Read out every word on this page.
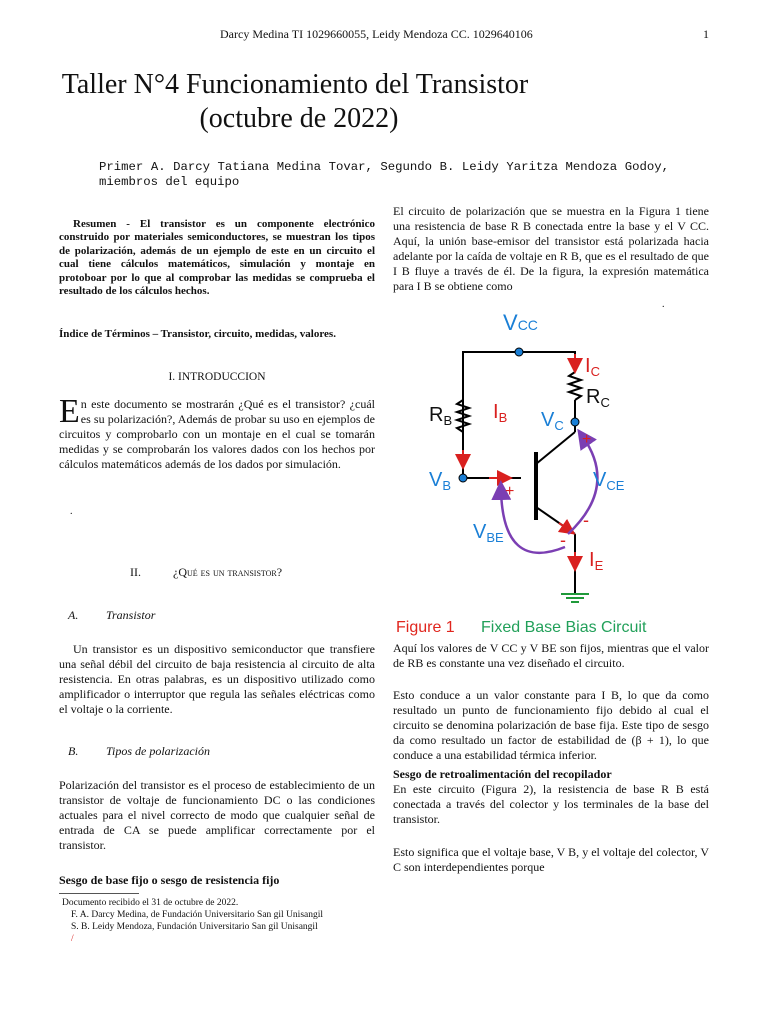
Darcy Medina TI 1029660055, Leidy Mendoza CC. 1029640106	1
Taller N°4 Funcionamiento del Transistor
(octubre de 2022)
Primer A. Darcy Tatiana Medina Tovar, Segundo B. Leidy Yaritza Mendoza Godoy, miembros del equipo
Resumen - El transistor es un componente electrónico construido por materiales semiconductores, se muestran los tipos de polarización, además de un ejemplo de este en un circuito el cual tiene cálculos matemáticos, simulación y montaje en protoboar por lo que al comprobar las medidas se comprueba el resultado de los cálculos hechos.
Índice de Términos – Transistor, circuito, medidas, valores.
I. INTRODUCCION
En este documento se mostrarán ¿Qué es el transistor? ¿cuál es su polarización?, Además de probar su uso en ejemplos de circuitos y comprobarlo con un montaje en el cual se tomarán medidas y se comprobarán los valores dados con los hechos por cálculos matemáticos además de los dados por simulación.
.
II.	¿Qué es un transistor?
A. Transistor
Un transistor es un dispositivo semiconductor que transfiere una señal débil del circuito de baja resistencia al circuito de alta resistencia. En otras palabras, es un dispositivo utilizado como amplificador o interruptor que regula las señales eléctricas como el voltaje o la corriente.
B. Tipos de polarización
Polarización del transistor es el proceso de establecimiento de un transistor de voltaje de funcionamiento DC o las condiciones actuales para el nivel correcto de modo que cualquier señal de entrada de CA se puede amplificar correctamente por el transistor.
Sesgo de base fijo o sesgo de resistencia fijo
Documento recibido el 31 de octubre de 2022.
F. A. Darcy Medina, de Fundación Universitario San gil Unisangil
S. B. Leidy Mendoza, Fundación Universitario San gil Unisangil
/
El circuito de polarización que se muestra en la Figura 1 tiene una resistencia de base R B conectada entre la base y el V CC. Aquí, la unión base-emisor del transistor está polarizada hacia adelante por la caída de voltaje en R B, que es el resultado de que I B fluye a través de él. De la figura, la expresión matemática para I B se obtiene como
.
VCC
$R_B$
$R_C$
$I_C$
$I_B$ $V_C$
$V_B$	$V_{CE}$
$V_{BE}$
$I_E$
+
+
-
-
Figure 1 Fixed Base Bias Circuit
Aquí los valores de V CC y V BE son fijos, mientras que el valor de RB es constante una vez diseñado el circuito.
Esto conduce a un valor constante para I B, lo que da como resultado un punto de funcionamiento fijo debido al cual el circuito se denomina polarización de base fija. Este tipo de sesgo da como resultado un factor de estabilidad de (β + 1), lo que conduce a una estabilidad térmica inferior.
Sesgo de retroalimentación del recopilador
En este circuito (Figura 2), la resistencia de base R B está conectada a través del colector y los terminales de la base del transistor.
Esto significa que el voltaje base, V B, y el voltaje del colector, V C son interdependientes porque
